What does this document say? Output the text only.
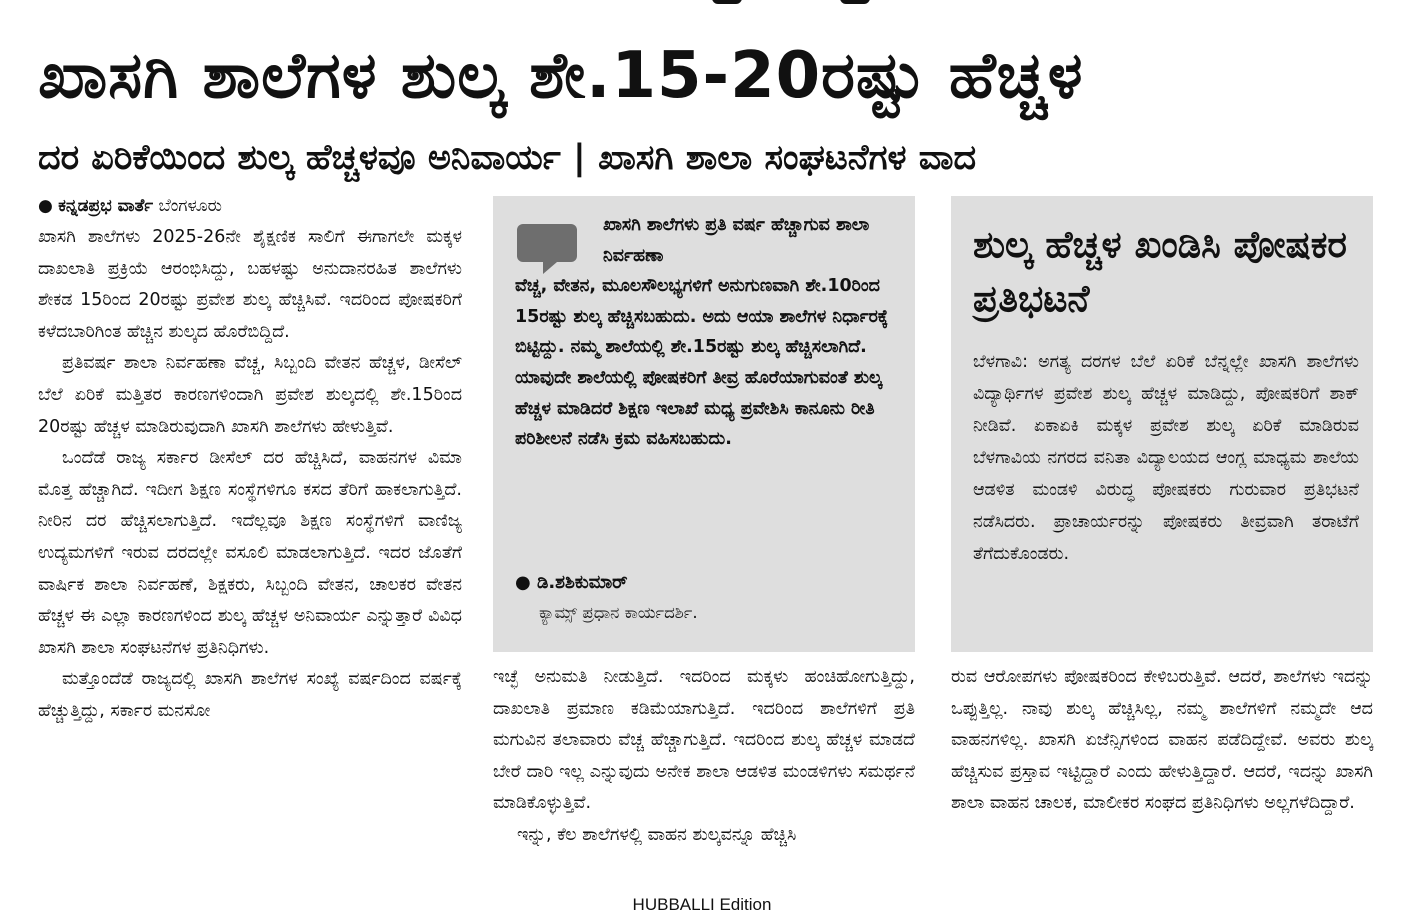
ಖಾಸಗಿ ಶಾಲೆಗಳ ಶುಲ್ಕ ಶೇ.15-20ರಷ್ಟು ಹೆಚ್ಚಳ
ದರ ಏರಿಕೆಯಿಂದ ಶುಲ್ಕ ಹೆಚ್ಚಳವೂ ಅನಿವಾರ್ಯ | ಖಾಸಗಿ ಶಾಲಾ ಸಂಘಟನೆಗಳ ವಾದ
● ಕನ್ನಡಪ್ರಭ ವಾರ್ತೆ ಬೆಂಗಳೂರು

ಖಾಸಗಿ ಶಾಲೆಗಳು 2025-26ನೇ ಶೈಕ್ಷಣಿಕ ಸಾಲಿಗೆ ಈಗಾಗಲೇ ಮಕ್ಕಳ ದಾಖಲಾತಿ ಪ್ರಕ್ರಿಯೆ ಆರಂಭಿಸಿದ್ದು, ಬಹಳಷ್ಟು ಅನುದಾನರಹಿತ ಶಾಲೆಗಳು ಶೇಕಡ 15ರಿಂದ 20ರಷ್ಟು ಪ್ರವೇಶ ಶುಲ್ಕ ಹೆಚ್ಚಿಸಿವೆ. ಇದರಿಂದ ಪೋಷಕರಿಗೆ ಕಳೆದಬಾರಿಗಿಂತ ಹೆಚ್ಚಿನ ಶುಲ್ಕದ ಹೊರೆಬಿದ್ದಿದೆ.

ಪ್ರತಿವರ್ಷ ಶಾಲಾ ನಿರ್ವಹಣಾ ವೆಚ್ಚ, ಸಿಬ್ಬಂದಿ ವೇತನ ಹೆಚ್ಚಳ, ಡೀಸೆಲ್ ಬೆಲೆ ಏರಿಕೆ ಮತ್ತಿತರ ಕಾರಣಗಳಿಂದಾಗಿ ಪ್ರವೇಶ ಶುಲ್ಕದಲ್ಲಿ ಶೇ.15ರಿಂದ 20ರಷ್ಟು ಹೆಚ್ಚಳ ಮಾಡಿರುವುದಾಗಿ ಖಾಸಗಿ ಶಾಲೆಗಳು ಹೇಳುತ್ತಿವೆ.

ಒಂದೆಡೆ ರಾಜ್ಯ ಸರ್ಕಾರ ಡೀಸೆಲ್ ದರ ಹೆಚ್ಚಿಸಿದೆ, ವಾಹನಗಳ ವಿಮಾ ಮೊತ್ತ ಹೆಚ್ಚಾಗಿದೆ. ಇದೀಗ ಶಿಕ್ಷಣ ಸಂಸ್ಥೆಗಳಿಗೂ ಕಸದ ತೆರಿಗೆ ಹಾಕಲಾಗುತ್ತಿದೆ. ನೀರಿನ ದರ ಹೆಚ್ಚಿಸಲಾಗುತ್ತಿದೆ. ಇದೆಲ್ಲವೂ ಶಿಕ್ಷಣ ಸಂಸ್ಥೆಗಳಿಗೆ ವಾಣಿಜ್ಯ ಉದ್ಯಮಗಳಿಗೆ ಇರುವ ದರದಲ್ಲೇ ವಸೂಲಿ ಮಾಡಲಾಗುತ್ತಿದೆ. ಇದರ ಜೊತೆಗೆ ವಾರ್ಷಿಕ ಶಾಲಾ ನಿರ್ವಹಣೆ, ಶಿಕ್ಷಕರು, ಸಿಬ್ಬಂದಿ ವೇತನ, ಚಾಲಕರ ವೇತನ ಹೆಚ್ಚಳ ಈ ಎಲ್ಲಾ ಕಾರಣಗಳಿಂದ ಶುಲ್ಕ ಹೆಚ್ಚಳ ಅನಿವಾರ್ಯ ಎನ್ನುತ್ತಾರೆ ವಿವಿಧ ಖಾಸಗಿ ಶಾಲಾ ಸಂಘಟನೆಗಳ ಪ್ರತಿನಿಧಿಗಳು.

ಮತ್ತೊಂದೆಡೆ ರಾಜ್ಯದಲ್ಲಿ ಖಾಸಗಿ ಶಾಲೆಗಳ ಸಂಖ್ಯೆ ವರ್ಷದಿಂದ ವರ್ಷಕ್ಕೆ ಹೆಚ್ಚುತ್ತಿದ್ದು, ಸರ್ಕಾರ ಮನಸೋ

ಖಾಸಗಿ ಶಾಲೆಗಳು ಪ್ರತಿ ವರ್ಷ ಹೆಚ್ಚಾಗುವ ಶಾಲಾ ನಿರ್ವಹಣಾ
ವೆಚ್ಚ, ವೇತನ, ಮೂಲಸೌಲಭ್ಯಗಳಿಗೆ ಅನುಗುಣವಾಗಿ ಶೇ.10ರಿಂದ 15ರಷ್ಟು ಶುಲ್ಕ ಹೆಚ್ಚಿಸಬಹುದು. ಅದು ಆಯಾ ಶಾಲೆಗಳ ನಿರ್ಧಾರಕ್ಕೆ ಬಿಟ್ಟಿದ್ದು. ನಮ್ಮ ಶಾಲೆಯಲ್ಲಿ ಶೇ.15ರಷ್ಟು ಶುಲ್ಕ ಹೆಚ್ಚಿಸಲಾಗಿದೆ. ಯಾವುದೇ ಶಾಲೆಯಲ್ಲಿ ಪೋಷಕರಿಗೆ ತೀವ್ರ ಹೊರೆಯಾಗುವಂತೆ ಶುಲ್ಕ ಹೆಚ್ಚಳ ಮಾಡಿದರೆ ಶಿಕ್ಷಣ ಇಲಾಖೆ ಮಧ್ಯ ಪ್ರವೇಶಿಸಿ ಕಾನೂನು ರೀತಿ ಪರಿಶೀಲನೆ ನಡೆಸಿ ಕ್ರಮ ವಹಿಸಬಹುದು.
● ಡಿ.ಶಶಿಕುಮಾರ್
ಕ್ಯಾಮ್ಸ್ ಪ್ರಧಾನ ಕಾರ್ಯದರ್ಶಿ.

ಇಚ್ಛೆ ಅನುಮತಿ ನೀಡುತ್ತಿದೆ. ಇದರಿಂದ ಮಕ್ಕಳು ಹಂಚಿಹೋಗುತ್ತಿದ್ದು, ದಾಖಲಾತಿ ಪ್ರಮಾಣ ಕಡಿಮೆಯಾಗುತ್ತಿದೆ. ಇದರಿಂದ ಶಾಲೆಗಳಿಗೆ ಪ್ರತಿ ಮಗುವಿನ ತಲಾವಾರು ವೆಚ್ಚ ಹೆಚ್ಚಾಗುತ್ತಿದೆ. ಇದರಿಂದ ಶುಲ್ಕ ಹೆಚ್ಚಳ ಮಾಡದೆ ಬೇರೆ ದಾರಿ ಇಲ್ಲ ಎನ್ನುವುದು ಅನೇಕ ಶಾಲಾ ಆಡಳಿತ ಮಂಡಳಿಗಳು ಸಮರ್ಥನೆ ಮಾಡಿಕೊಳ್ಳುತ್ತಿವೆ.

ಇನ್ನು, ಕೆಲ ಶಾಲೆಗಳಲ್ಲಿ ವಾಹನ ಶುಲ್ಕವನ್ನೂ ಹೆಚ್ಚಿಸಿ

ಶುಲ್ಕ ಹೆಚ್ಚಳ ಖಂಡಿಸಿ ಪೋಷಕರ ಪ್ರತಿಭಟನೆ
ಬೆಳಗಾವಿ: ಅಗತ್ಯ ದರಗಳ ಬೆಲೆ ಏರಿಕೆ ಬೆನ್ನಲ್ಲೇ ಖಾಸಗಿ ಶಾಲೆಗಳು ವಿದ್ಯಾರ್ಥಿಗಳ ಪ್ರವೇಶ ಶುಲ್ಕ ಹೆಚ್ಚಳ ಮಾಡಿದ್ದು, ಪೋಷಕರಿಗೆ ಶಾಕ್ ನೀಡಿವೆ. ಏಕಾಏಕಿ ಮಕ್ಕಳ ಪ್ರವೇಶ ಶುಲ್ಕ ಏರಿಕೆ ಮಾಡಿರುವ ಬೆಳಗಾವಿಯ ನಗರದ ವನಿತಾ ವಿದ್ಯಾಲಯದ ಆಂಗ್ಲ ಮಾಧ್ಯಮ ಶಾಲೆಯ ಆಡಳಿತ ಮಂಡಳಿ ವಿರುದ್ಧ ಪೋಷಕರು ಗುರುವಾರ ಪ್ರತಿಭಟನೆ ನಡೆಸಿದರು. ಪ್ರಾಚಾರ್ಯರನ್ನು ಪೋಷಕರು ತೀವ್ರವಾಗಿ ತರಾಟೆಗೆ ತೆಗೆದುಕೊಂಡರು.

ರುವ ಆರೋಪಗಳು ಪೋಷಕರಿಂದ ಕೇಳಿಬರುತ್ತಿವೆ. ಆದರೆ, ಶಾಲೆಗಳು ಇದನ್ನು ಒಪ್ಪುತ್ತಿಲ್ಲ. ನಾವು ಶುಲ್ಕ ಹೆಚ್ಚಿಸಿಲ್ಲ, ನಮ್ಮ ಶಾಲೆಗಳಿಗೆ ನಮ್ಮದೇ ಆದ ವಾಹನಗಳಿಲ್ಲ. ಖಾಸಗಿ ಏಜೆನ್ಸಿಗಳಿಂದ ವಾಹನ ಪಡೆದಿದ್ದೇವೆ. ಅವರು ಶುಲ್ಕ ಹೆಚ್ಚಿಸುವ ಪ್ರಸ್ತಾವ ಇಟ್ಟಿದ್ದಾರೆ ಎಂದು ಹೇಳುತ್ತಿದ್ದಾರೆ. ಆದರೆ, ಇದನ್ನು ಖಾಸಗಿ ಶಾಲಾ ವಾಹನ ಚಾಲಕ, ಮಾಲೀಕರ ಸಂಘದ ಪ್ರತಿನಿಧಿಗಳು ಅಲ್ಲಗಳೆದಿದ್ದಾರೆ.

HUBBALLI Edition
